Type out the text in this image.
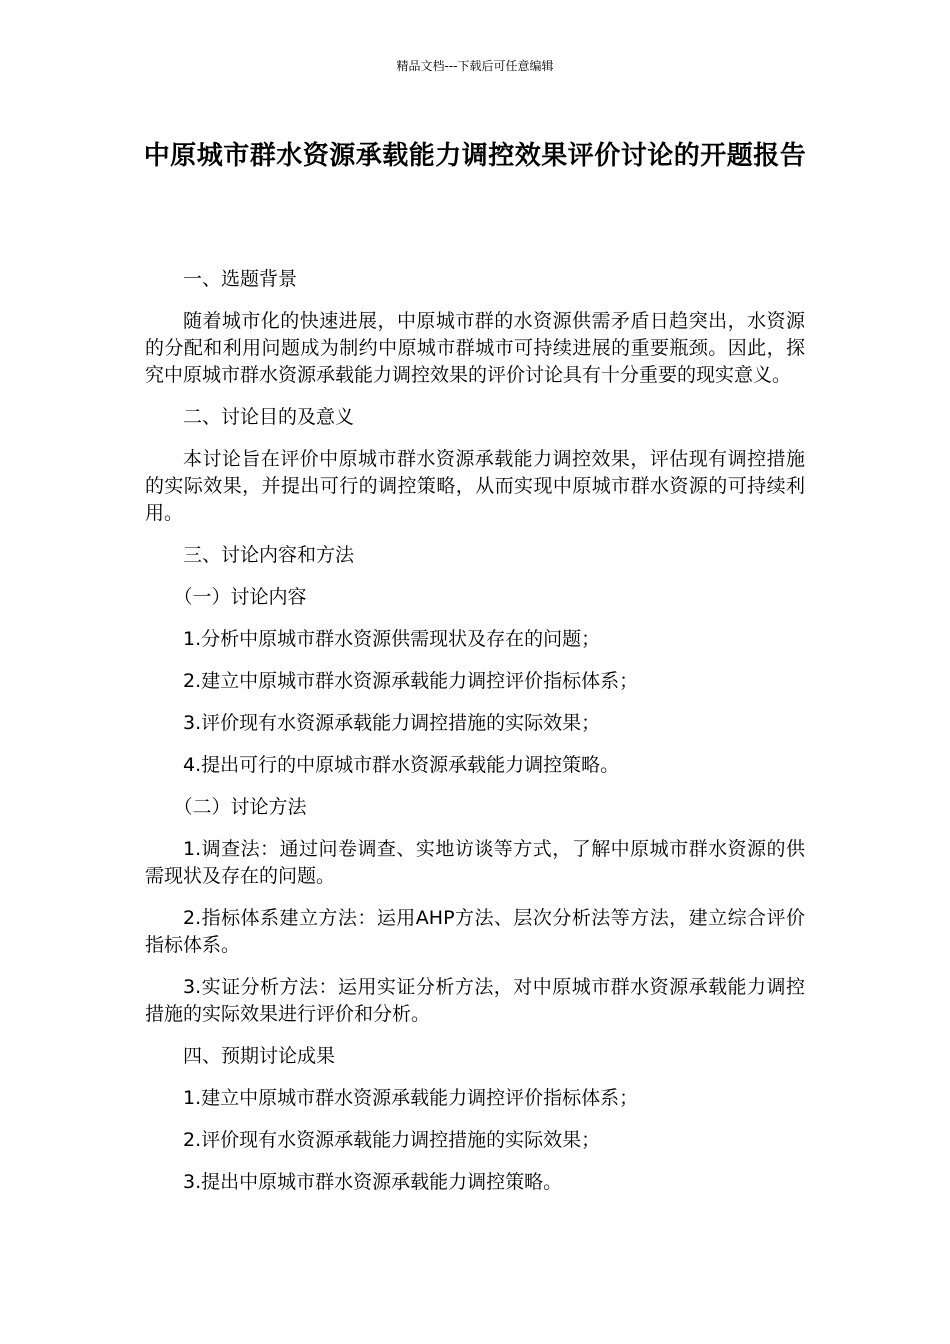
精品文档---下载后可任意编辑
中原城市群水资源承载能力调控效果评价讨论的开题报告

一、选题背景

随着城市化的快速进展，中原城市群的水资源供需矛盾日趋突出，水资源的分配和利用问题成为制约中原城市群城市可持续进展的重要瓶颈。因此，探究中原城市群水资源承载能力调控效果的评价讨论具有十分重要的现实意义。

二、讨论目的及意义

本讨论旨在评价中原城市群水资源承载能力调控效果，评估现有调控措施的实际效果，并提出可行的调控策略，从而实现中原城市群水资源的可持续利用。

三、讨论内容和方法

（一）讨论内容

1.分析中原城市群水资源供需现状及存在的问题；

2.建立中原城市群水资源承载能力调控评价指标体系；

3.评价现有水资源承载能力调控措施的实际效果；

4.提出可行的中原城市群水资源承载能力调控策略。

（二）讨论方法

1.调查法：通过问卷调查、实地访谈等方式，了解中原城市群水资源的供需现状及存在的问题。

2.指标体系建立方法：运用AHP方法、层次分析法等方法，建立综合评价指标体系。

3.实证分析方法：运用实证分析方法，对中原城市群水资源承载能力调控措施的实际效果进行评价和分析。

四、预期讨论成果

1.建立中原城市群水资源承载能力调控评价指标体系；

2.评价现有水资源承载能力调控措施的实际效果；

3.提出中原城市群水资源承载能力调控策略。
